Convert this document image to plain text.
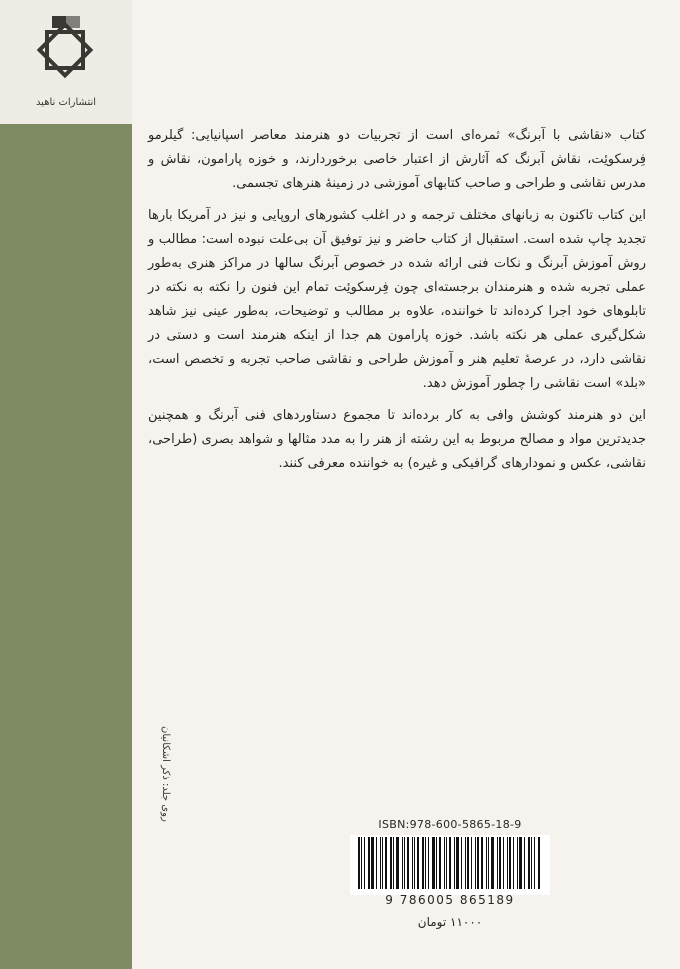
انتشارات ناهید

کتاب «نقاشی با آبرنگ» ثمره‌ای است از تجربیات دو هنرمند معاصر اسپانیایی: گیلرمو فِرسکوئِت، نقاش آبرنگ که آثارش از اعتبار خاصی برخوردارند، و خوزه پارامون، نقاش و مدرس نقاشی و طراحی و صاحب کتابهای آموزشی در زمینهٔ هنرهای تجسمی.

این کتاب تاکنون به زبانهای مختلف ترجمه و در اغلب کشورهای اروپایی و نیز در آمریکا بارها تجدید چاپ شده است. استقبال از کتاب حاضر و نیز توفیق آن بی‌علت نبوده است: مطالب و روش آموزش آبرنگ و نکات فنی ارائه شده در خصوص آبرنگ سالها در مراکز هنری به‌طور عملی تجربه شده و هنرمندان برجسته‌ای چون فِرسکوئِت تمام این فنون را نکته به نکته در تابلوهای خود اجرا کرده‌اند تا خواننده، علاوه بر مطالب و توضیحات، به‌طور عینی نیز شاهد شکل‌گیری عملی هر نکته باشد. خوزه پارامون هم جدا از اینکه هنرمند است و دستی در نقاشی دارد، در عرصهٔ تعلیم هنر و آموزش طراحی و نقاشی صاحب تجربه و تخصص است، «بلد» است نقاشی را چطور آموزش دهد.

این دو هنرمند کوشش وافی به کار برده‌اند تا مجموع دستاوردهای فنی آبرنگ و همچنین جدیدترین مواد و مصالح مربوط به این رشته از هنر را به مدد مثالها و شواهد بصری (طراحی، نقاشی، عکس و نمودارهای گرافیکی و غیره) به خواننده معرفی کنند.

روی جلد: ذکر اشکانیان
ISBN:978-600-5865-18-9
9 786005 865189
۱۱۰۰۰ تومان
